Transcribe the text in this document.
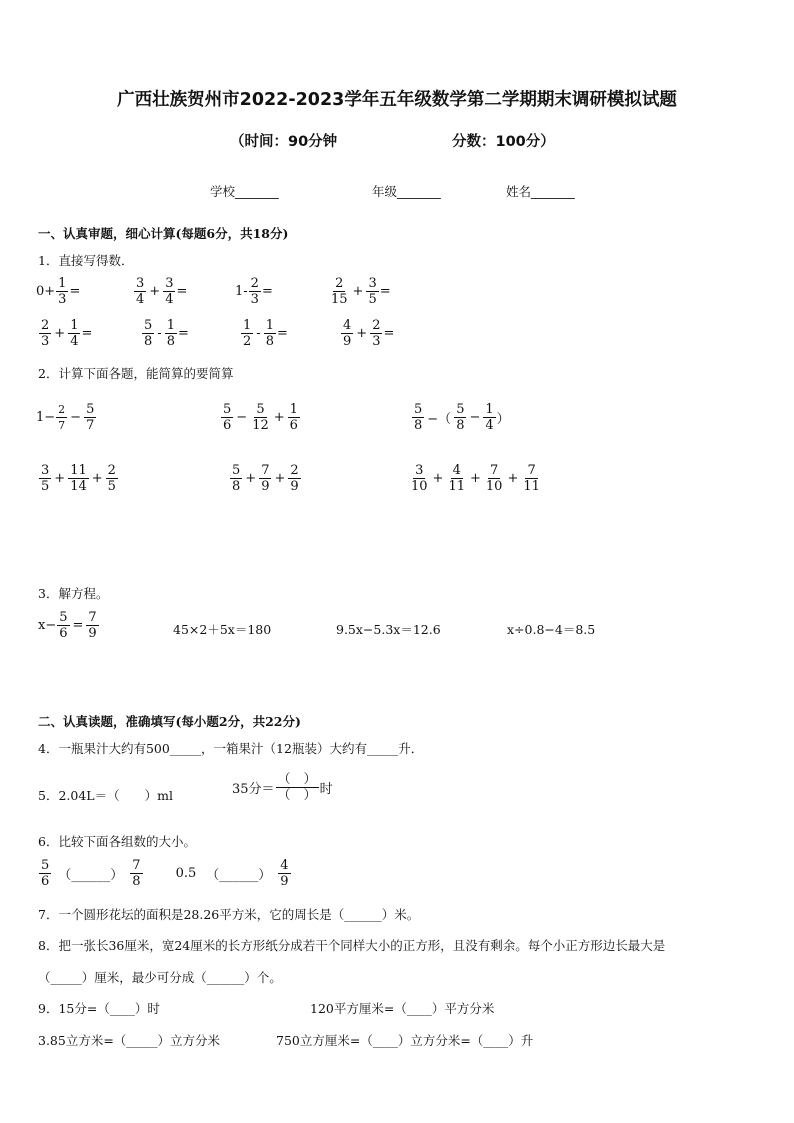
广西壮族贺州市2022-2023学年五年级数学第二学期期末调研模拟试题
（时间：90分钟	分数：100分）
学校_______	年级_______	姓名_______
一、认真审题，细心计算(每题6分，共18分)
1．直接写得数．
$0+ \frac{1}{3}$ =	$\frac{3}{4} + \frac{3}{4}$ =	$1- \frac{2}{3}$ =	$\frac{2}{15} + \frac{3}{5}$ =
$\frac{2}{3} + \frac{1}{4}$ =	$\frac{5}{8} - \frac{1}{8}$ =	$\frac{1}{2} - \frac{1}{8}$ =	$\frac{4}{9} + \frac{2}{3}$ =
2．计算下面各题，能简算的要简算
$1- \frac{2}{7} - \frac{5}{7}$	$\frac{5}{6} - \frac{5}{12} + \frac{1}{6}$	$\frac{5}{8}$ −（ $\frac{5}{8} - \frac{1}{4}$ ）
$\frac{3}{5} + \frac{11}{14} + \frac{2}{5}$	$\frac{5}{8} + \frac{7}{9} + \frac{2}{9}$	$\frac{3}{10} + \frac{4}{11} + \frac{7}{10} + \frac{7}{11}$
3．解方程。
$x- \frac{5}{6} = \frac{7}{9}$	45×2＋5x＝180	9.5x−5.3x＝12.6	x÷0.8−4＝8.5
二、认真读题，准确填写(每小题2分，共22分)
4．一瓶果汁大约有500_____，一箱果汁（12瓶装）大约有_____升．
5．2.04L＝（　　）ml	35分＝ $\frac{( )}{( )}$ 时
6．比较下面各组数的大小。
$\frac{5}{6}$ （______） $\frac{7}{8}$	0.5 （______） $\frac{4}{9}$
7．一个圆形花坛的面积是28.26平方米，它的周长是（______）米。
8．把一张长36厘米，宽24厘米的长方形纸分成若干个同样大小的正方形，且没有剩余。每个小正方形边长最大是
（_____）厘米，最少可分成（______）个。
9．15分=（____）时	120平方厘米=（____）平方分米
3.85立方米=（_____）立方分米	750立方厘米=（____）立方分米=（____）升
